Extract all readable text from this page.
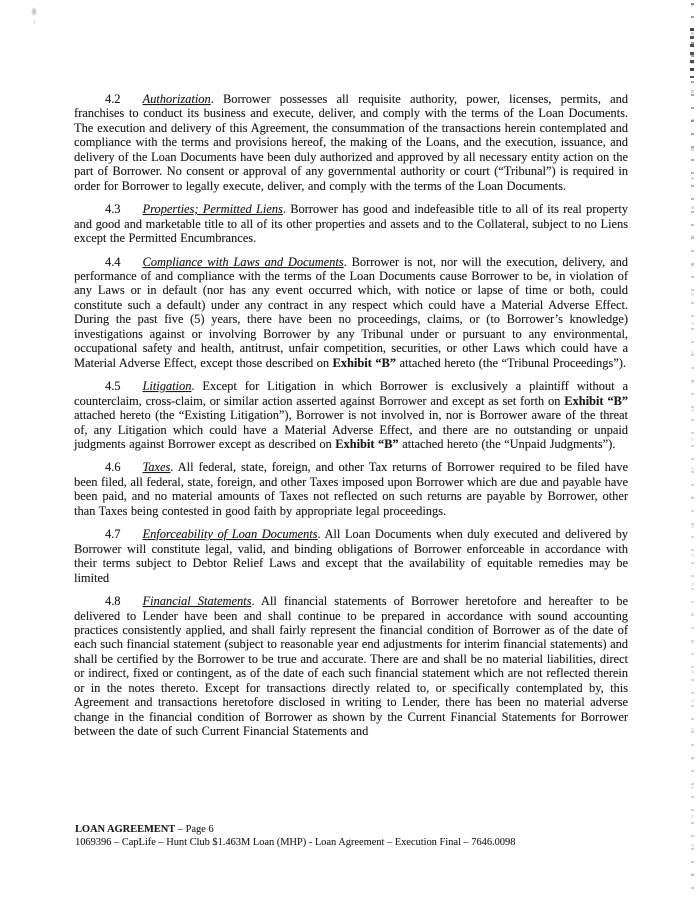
4.2 Authorization. Borrower possesses all requisite authority, power, licenses, permits, and franchises to conduct its business and execute, deliver, and comply with the terms of the Loan Documents. The execution and delivery of this Agreement, the consummation of the transactions herein contemplated and compliance with the terms and provisions hereof, the making of the Loans, and the execution, issuance, and delivery of the Loan Documents have been duly authorized and approved by all necessary entity action on the part of Borrower. No consent or approval of any governmental authority or court (“Tribunal”) is required in order for Borrower to legally execute, deliver, and comply with the terms of the Loan Documents.

4.3 Properties; Permitted Liens. Borrower has good and indefeasible title to all of its real property and good and marketable title to all of its other properties and assets and to the Collateral, subject to no Liens except the Permitted Encumbrances.

4.4 Compliance with Laws and Documents. Borrower is not, nor will the execution, delivery, and performance of and compliance with the terms of the Loan Documents cause Borrower to be, in violation of any Laws or in default (nor has any event occurred which, with notice or lapse of time or both, could constitute such a default) under any contract in any respect which could have a Material Adverse Effect. During the past five (5) years, there have been no proceedings, claims, or (to Borrower’s knowledge) investigations against or involving Borrower by any Tribunal under or pursuant to any environmental, occupational safety and health, antitrust, unfair competition, securities, or other Laws which could have a Material Adverse Effect, except those described on Exhibit “B” attached hereto (the “Tribunal Proceedings”).

4.5 Litigation. Except for Litigation in which Borrower is exclusively a plaintiff without a counterclaim, cross-claim, or similar action asserted against Borrower and except as set forth on Exhibit “B” attached hereto (the “Existing Litigation”), Borrower is not involved in, nor is Borrower aware of the threat of, any Litigation which could have a Material Adverse Effect, and there are no outstanding or unpaid judgments against Borrower except as described on Exhibit “B” attached hereto (the “Unpaid Judgments”).

4.6 Taxes. All federal, state, foreign, and other Tax returns of Borrower required to be filed have been filed, all federal, state, foreign, and other Taxes imposed upon Borrower which are due and payable have been paid, and no material amounts of Taxes not reflected on such returns are payable by Borrower, other than Taxes being contested in good faith by appropriate legal proceedings.

4.7 Enforceability of Loan Documents. All Loan Documents when duly executed and delivered by Borrower will constitute legal, valid, and binding obligations of Borrower enforceable in accordance with their terms subject to Debtor Relief Laws and except that the availability of equitable remedies may be limited

4.8 Financial Statements. All financial statements of Borrower heretofore and hereafter to be delivered to Lender have been and shall continue to be prepared in accordance with sound accounting practices consistently applied, and shall fairly represent the financial condition of Borrower as of the date of each such financial statement (subject to reasonable year end adjustments for interim financial statements) and shall be certified by the Borrower to be true and accurate. There are and shall be no material liabilities, direct or indirect, fixed or contingent, as of the date of each such financial statement which are not reflected therein or in the notes thereto. Except for transactions directly related to, or specifically contemplated by, this Agreement and transactions heretofore disclosed in writing to Lender, there has been no material adverse change in the financial condition of Borrower as shown by the Current Financial Statements for Borrower between the date of such Current Financial Statements and

LOAN AGREEMENT – Page 6
1069396 – CapLife – Hunt Club $1.463M Loan (MHP) - Loan Agreement – Execution Final – 7646.0098
